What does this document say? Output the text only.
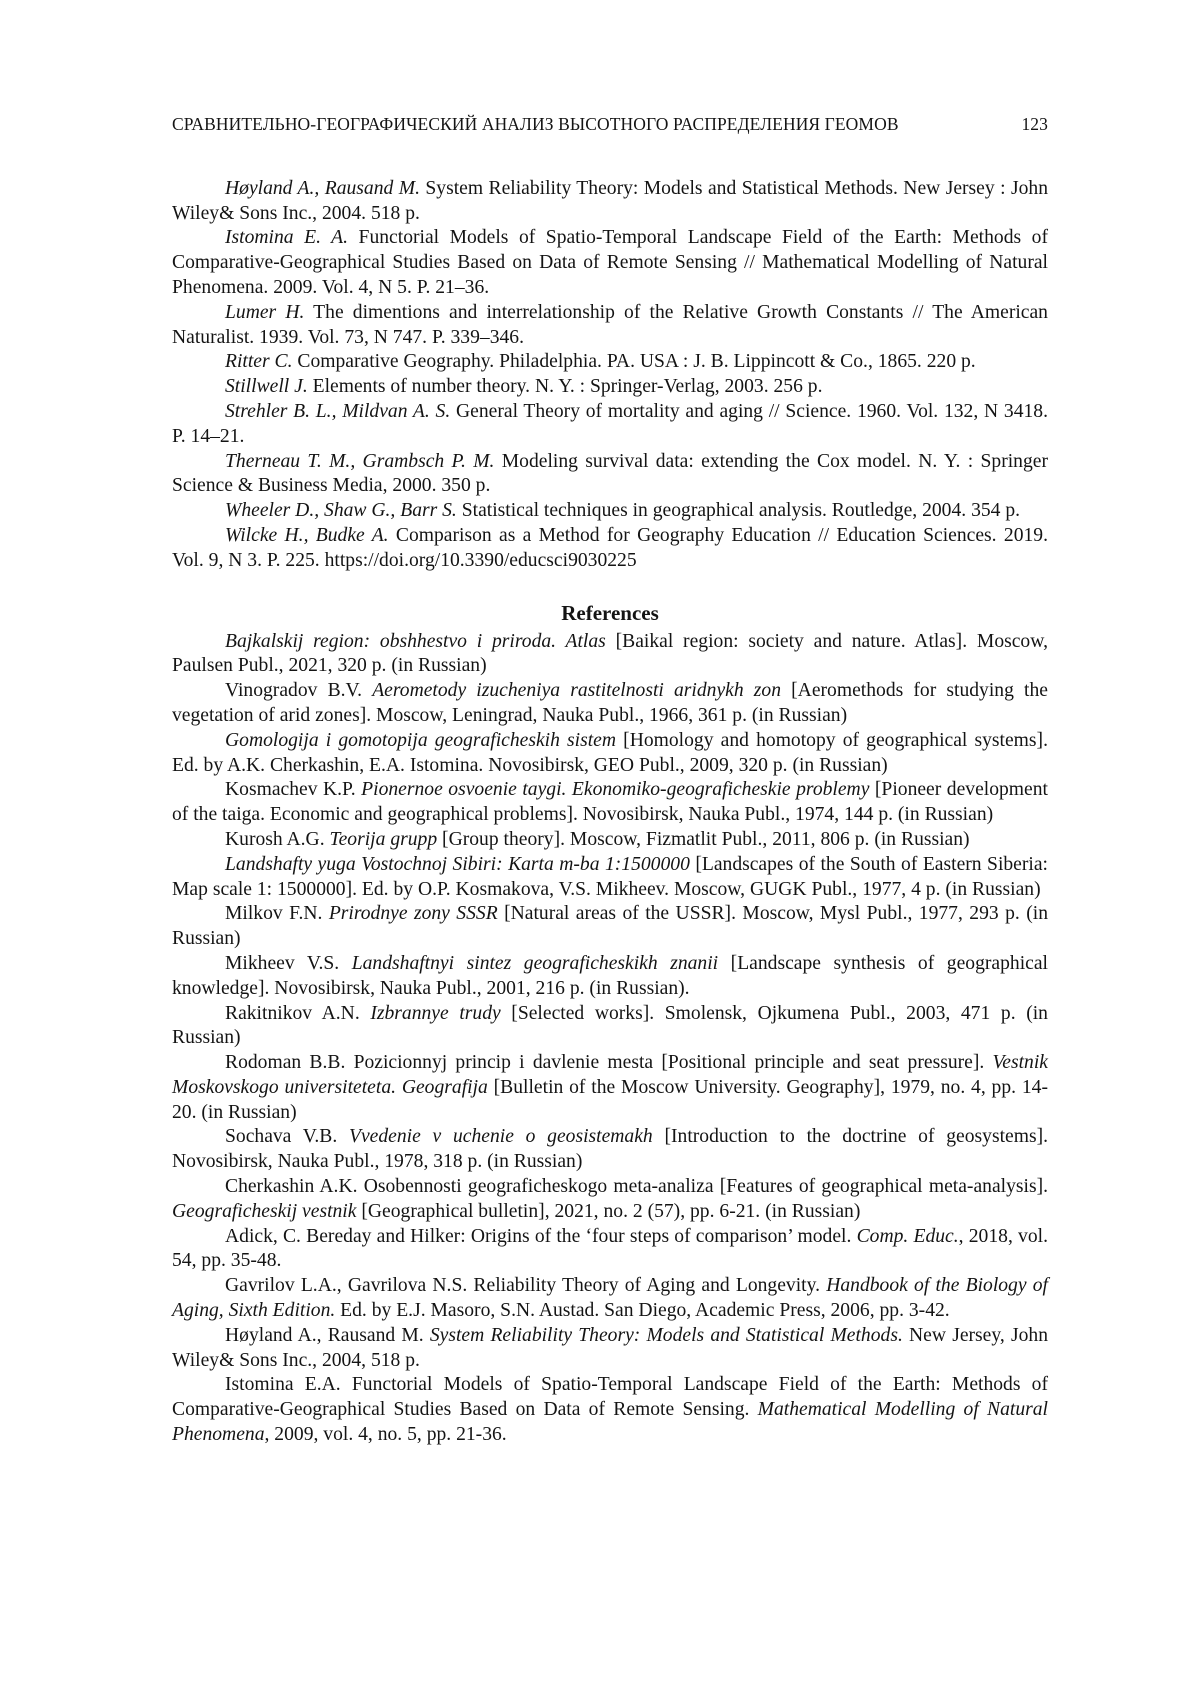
СРАВНИТЕЛЬНО-ГЕОГРАФИЧЕСКИЙ АНАЛИЗ ВЫСОТНОГО РАСПРЕДЕЛЕНИЯ ГЕОМОВ	123

Høyland A., Rausand M. System Reliability Theory: Models and Statistical Methods. New Jersey : John Wiley& Sons Inc., 2004. 518 p.

Istomina E. A. Functorial Models of Spatio-Temporal Landscape Field of the Earth: Methods of Comparative-Geographical Studies Based on Data of Remote Sensing // Mathematical Modelling of Natural Phenomena. 2009. Vol. 4, N 5. P. 21–36.

Lumer H. The dimentions and interrelationship of the Relative Growth Constants // The American Naturalist. 1939. Vol. 73, N 747. P. 339–346.

Ritter C. Comparative Geography. Philadelphia. PA. USA : J. B. Lippincott & Co., 1865. 220 p.

Stillwell J. Elements of number theory. N. Y. : Springer-Verlag, 2003. 256 p.

Strehler B. L., Mildvan A. S. General Theory of mortality and aging // Science. 1960. Vol. 132, N 3418. P. 14–21.

Therneau T. M., Grambsch P. M. Modeling survival data: extending the Cox model. N. Y. : Springer Science & Business Media, 2000. 350 p.

Wheeler D., Shaw G., Barr S. Statistical techniques in geographical analysis. Routledge, 2004. 354 p.

Wilcke H., Budke A. Comparison as a Method for Geography Education // Education Sciences. 2019. Vol. 9, N 3. P. 225. https://doi.org/10.3390/educsci9030225

References

Bajkalskij region: obshhestvo i priroda. Atlas [Baikal region: society and nature. Atlas]. Moscow, Paulsen Publ., 2021, 320 p. (in Russian)

Vinogradov B.V. Aerometody izucheniya rastitelnosti aridnykh zon [Aeromethods for studying the vegetation of arid zones]. Moscow, Leningrad, Nauka Publ., 1966, 361 p. (in Russian)

Gomologija i gomotopija geograficheskih sistem [Homology and homotopy of geographical systems]. Ed. by A.K. Cherkashin, E.A. Istomina. Novosibirsk, GEO Publ., 2009, 320 p. (in Russian)

Kosmachev K.P. Pionernoe osvoenie taygi. Ekonomiko-geograficheskie problemy [Pioneer development of the taiga. Economic and geographical problems]. Novosibirsk, Nauka Publ., 1974, 144 p. (in Russian)

Kurosh A.G. Teorija grupp [Group theory]. Moscow, Fizmatlit Publ., 2011, 806 p. (in Russian)

Landshafty yuga Vostochnoj Sibiri: Karta m-ba 1:1500000 [Landscapes of the South of Eastern Siberia: Map scale 1: 1500000]. Ed. by O.P. Kosmakova, V.S. Mikheev. Moscow, GUGK Publ., 1977, 4 p. (in Russian)

Milkov F.N. Prirodnye zony SSSR [Natural areas of the USSR]. Moscow, Mysl Publ., 1977, 293 p. (in Russian)

Mikheev V.S. Landshaftnyi sintez geograficheskikh znanii [Landscape synthesis of geographical knowledge]. Novosibirsk, Nauka Publ., 2001, 216 p. (in Russian).

Rakitnikov A.N. Izbrannye trudy [Selected works]. Smolensk, Ojkumena Publ., 2003, 471 p. (in Russian)

Rodoman B.B. Pozicionnyj princip i davlenie mesta [Positional principle and seat pressure]. Vestnik Moskovskogo universiteteta. Geografija [Bulletin of the Moscow University. Geography], 1979, no. 4, pp. 14-20. (in Russian)

Sochava V.B. Vvedenie v uchenie o geosistemakh [Introduction to the doctrine of geosystems]. Novosibirsk, Nauka Publ., 1978, 318 p. (in Russian)

Cherkashin A.K. Osobennosti geograficheskogo meta-analiza [Features of geographical meta-analysis]. Geograficheskij vestnik [Geographical bulletin], 2021, no. 2 (57), pp. 6-21. (in Russian)

Adick, C. Bereday and Hilker: Origins of the ‘four steps of comparison’ model. Comp. Educ., 2018, vol. 54, pp. 35-48.

Gavrilov L.A., Gavrilova N.S. Reliability Theory of Aging and Longevity. Handbook of the Biology of Aging, Sixth Edition. Ed. by E.J. Masoro, S.N. Austad. San Diego, Academic Press, 2006, pp. 3-42.

Høyland A., Rausand M. System Reliability Theory: Models and Statistical Methods. New Jersey, John Wiley& Sons Inc., 2004, 518 p.

Istomina E.A. Functorial Models of Spatio-Temporal Landscape Field of the Earth: Methods of Comparative-Geographical Studies Based on Data of Remote Sensing. Mathematical Modelling of Natural Phenomena, 2009, vol. 4, no. 5, pp. 21-36.
